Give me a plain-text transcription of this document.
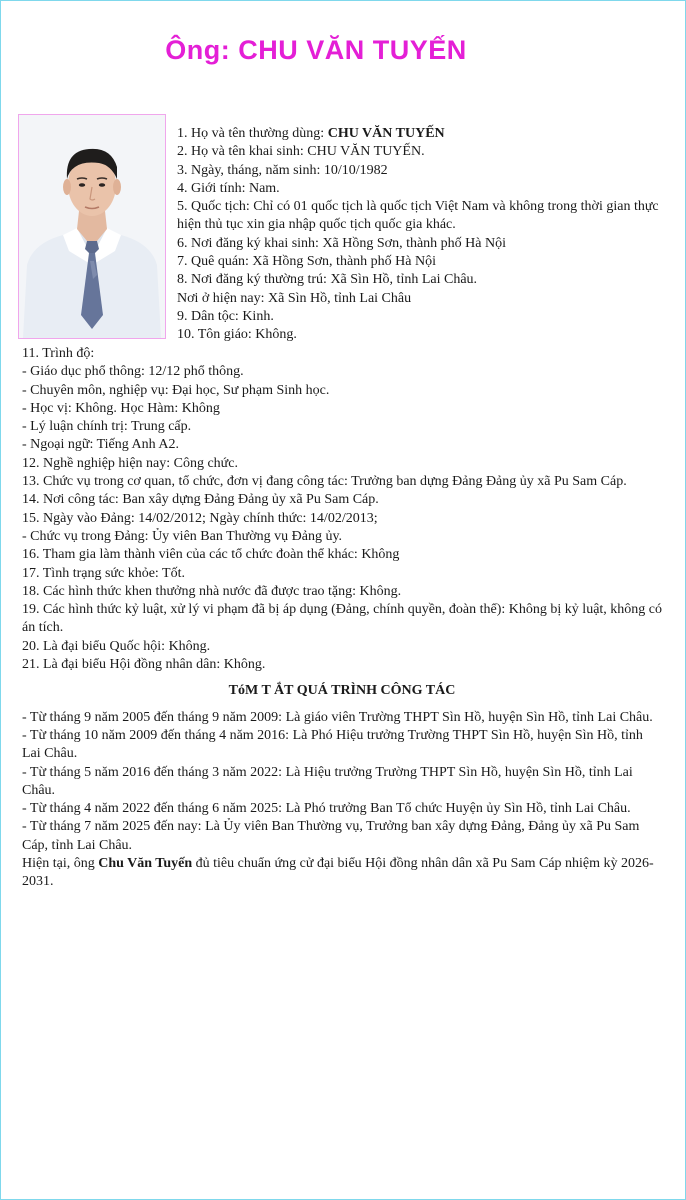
Ông: CHU VĂN TUYẾN
1. Họ và tên thường dùng: CHU VĂN TUYẾN
2. Họ và tên khai sinh: CHU VĂN TUYẾN.
3. Ngày, tháng, năm sinh: 10/10/1982
4. Giới tính: Nam.
5. Quốc tịch: Chỉ có 01 quốc tịch là quốc tịch Việt Nam và không trong thời gian thực hiện thủ tục xin gia nhập quốc tịch quốc gia khác.
6. Nơi đăng ký khai sinh: Xã Hồng Sơn, thành phố Hà Nội
7. Quê quán: Xã Hồng Sơn, thành phố Hà Nội
8. Nơi đăng ký thường trú: Xã Sìn Hồ, tỉnh Lai Châu.
Nơi ở hiện nay: Xã Sìn Hồ, tỉnh Lai Châu
9. Dân tộc: Kinh.
10. Tôn giáo: Không.
11. Trình độ:
- Giáo dục phổ thông: 12/12 phổ thông.
- Chuyên môn, nghiệp vụ: Đại học, Sư phạm Sinh học.
- Học vị: Không. Học Hàm: Không
- Lý luận chính trị: Trung cấp.
- Ngoại ngữ: Tiếng Anh A2.
12. Nghề nghiệp hiện nay: Công chức.
13. Chức vụ trong cơ quan, tổ chức, đơn vị đang công tác: Trưởng ban dựng Đảng Đảng ủy xã Pu Sam Cáp.
14. Nơi công tác: Ban xây dựng Đảng Đảng ủy xã Pu Sam Cáp.
15. Ngày vào Đảng: 14/02/2012; Ngày chính thức: 14/02/2013;
- Chức vụ trong Đảng: Ủy viên Ban Thường vụ Đảng ủy.
16. Tham gia làm thành viên của các tổ chức đoàn thể khác: Không
17. Tình trạng sức khỏe: Tốt.
18. Các hình thức khen thưởng nhà nước đã được trao tặng: Không.
19. Các hình thức kỷ luật, xử lý vi phạm đã bị áp dụng (Đảng, chính quyền, đoàn thể): Không bị kỷ luật, không có án tích.
20. Là đại biểu Quốc hội: Không.
21. Là đại biểu Hội đồng nhân dân: Không.
TóM T ẮT QUÁ TRÌNH CÔNG TÁC
- Từ tháng 9 năm 2005 đến tháng 9 năm 2009: Là giáo viên Trường THPT Sìn Hồ, huyện Sìn Hồ, tỉnh Lai Châu.
- Từ tháng 10 năm 2009 đến tháng 4 năm 2016: Là Phó Hiệu trưởng Trường THPT Sìn Hồ, huyện Sìn Hồ, tỉnh Lai Châu.
- Từ tháng 5 năm 2016 đến tháng 3 năm 2022: Là Hiệu trưởng Trường THPT Sìn Hồ, huyện Sìn Hồ, tỉnh Lai Châu.
- Từ tháng 4 năm 2022 đến tháng 6 năm 2025: Là Phó trưởng Ban Tổ chức Huyện ủy Sìn Hồ, tỉnh Lai Châu.
- Từ tháng 7 năm 2025 đến nay: Là Ủy viên Ban Thường vụ, Trưởng ban xây dựng Đảng, Đảng ủy xã Pu Sam Cáp, tỉnh Lai Châu.
Hiện tại, ông Chu Văn Tuyến đủ tiêu chuẩn ứng cử đại biểu Hội đồng nhân dân xã Pu Sam Cáp nhiệm kỳ 2026-2031.
